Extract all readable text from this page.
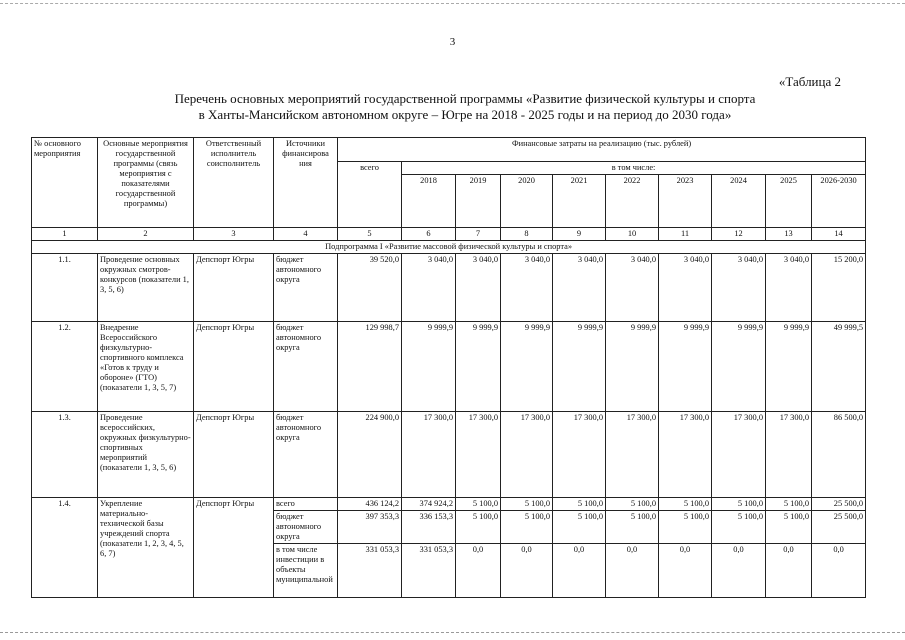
3
«Таблица 2
Перечень основных мероприятий государственной программы «Развитие физической культуры и спорта
в Ханты-Мансийском автономном округе – Югре на 2018 - 2025 годы и на период до 2030 года»
№ основного мероприятия	Основные мероприятия государственной программы (связь мероприятия с показателями государственной программы)	Ответственный исполнитель соисполнитель	Источники финансирова ния	Финансовые затраты на реализацию (тыс. рублей)									
				всего	в том числе:								
					2018	2019	2020	2021	2022	2023	2024	2025	2026-2030
1	2	3	4	5	6	7	8	9	10	11	12	13	14
Подпрограмма I «Развитие массовой физической культуры и спорта»													
1.1.	Проведение основных окружных смотров-конкурсов (показатели 1, 3, 5, 6)	Депспорт Югры	бюджет автономного округа	39 520,0	3 040,0	3 040,0	3 040,0	3 040,0	3 040,0	3 040,0	3 040,0	3 040,0	15 200,0
1.2.	Внедрение Всероссийского физкультурно-спортивного комплекса «Готов к труду и обороне» (ГТО) (показатели 1, 3, 5, 7)	Депспорт Югры	бюджет автономного округа	129 998,7	9 999,9	9 999,9	9 999,9	9 999,9	9 999,9	9 999,9	9 999,9	9 999,9	49 999,5
1.3.	Проведение всероссийских, окружных физкультурно-спортивных мероприятий (показатели 1, 3, 5, 6)	Депспорт Югры	бюджет автономного округа	224 900,0	17 300,0	17 300,0	17 300,0	17 300,0	17 300,0	17 300,0	17 300,0	17 300,0	86 500,0
1.4.	Укрепление материально-технической базы учреждений спорта (показатели 1, 2, 3, 4, 5, 6, 7)	Депспорт Югры	всего	436 124,2	374 924,2	5 100,0	5 100,0	5 100,0	5 100,0	5 100,0	5 100,0	5 100,0	25 500,0
			бюджет автономного округа	397 353,3	336 153,3	5 100,0	5 100,0	5 100,0	5 100,0	5 100,0	5 100,0	5 100,0	25 500,0
			в том числе инвестиции в объекты муниципальной	331 053,3	331 053,3	0,0	0,0	0,0	0,0	0,0	0,0	0,0	0,0
